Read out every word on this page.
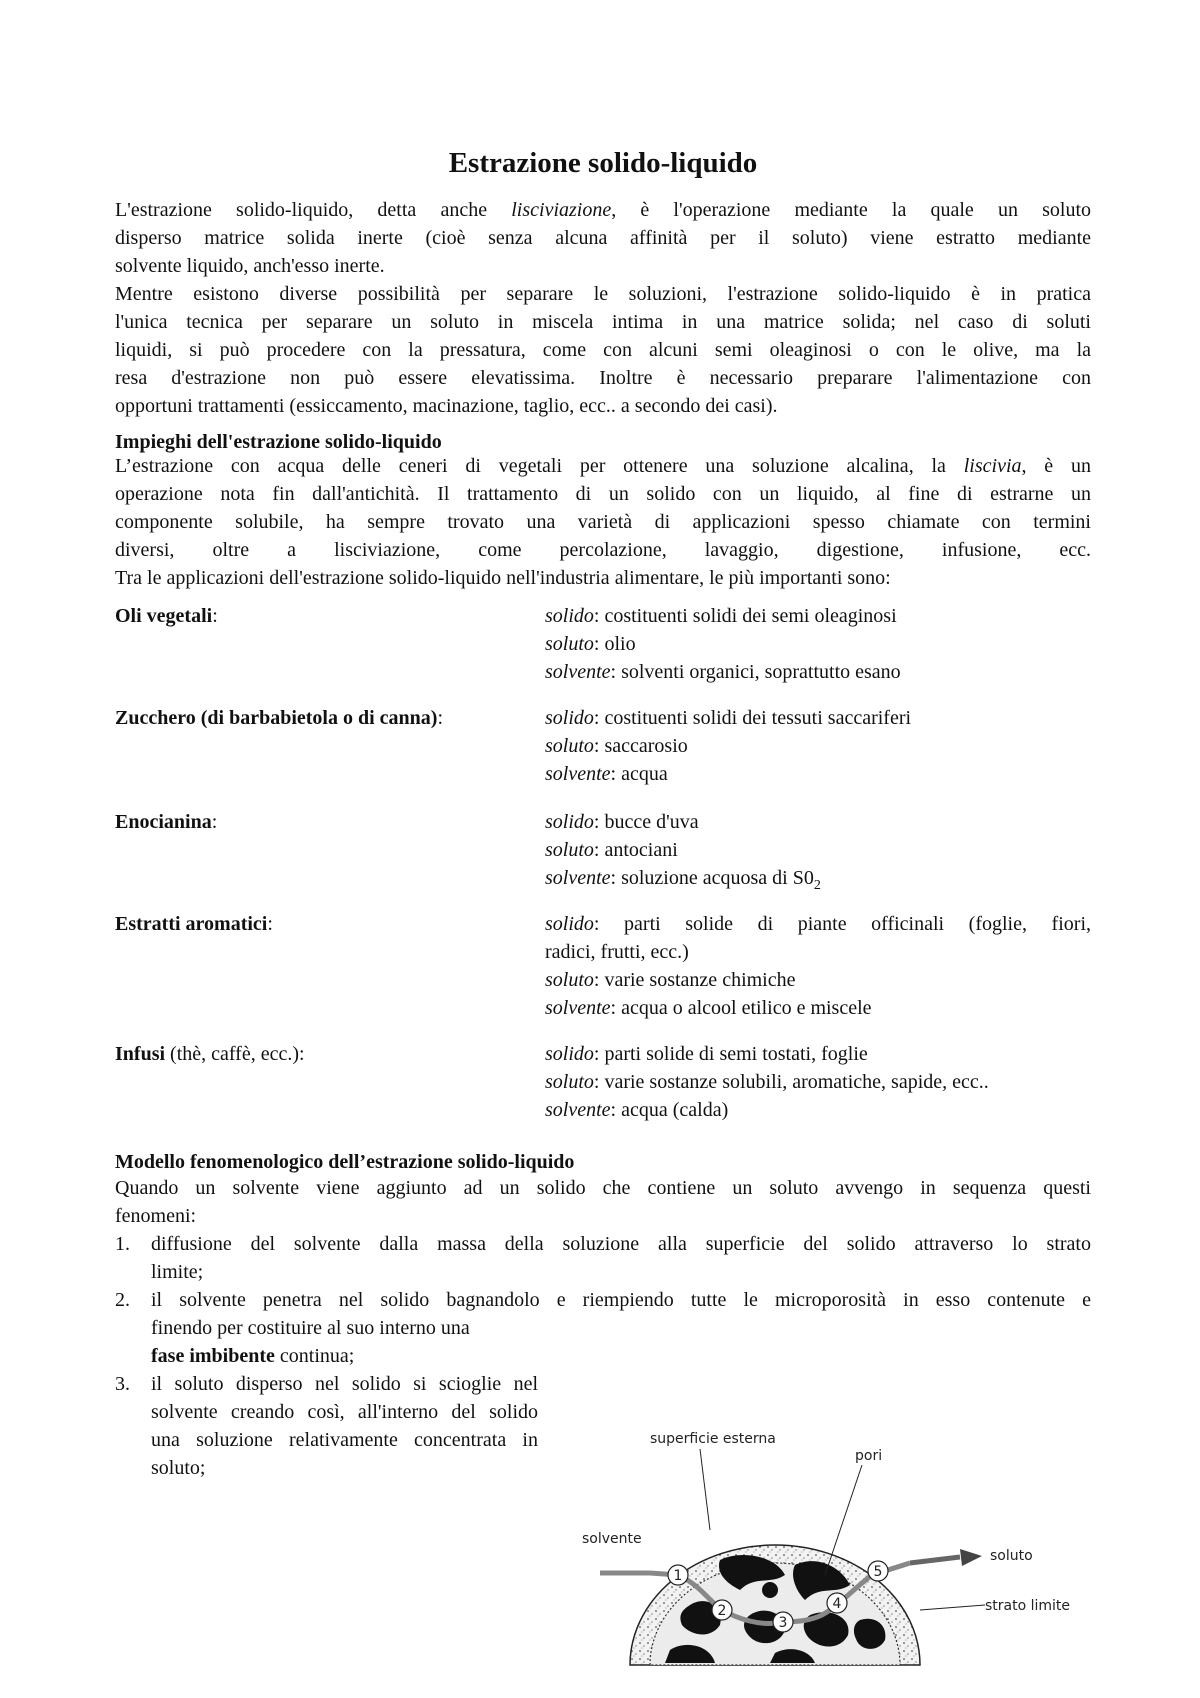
Estrazione solido-liquido
L'estrazione solido-liquido, detta anche lisciviazione, è l'operazione mediante la quale un soluto
disperso matrice solida inerte (cioè senza alcuna affinità per il soluto) viene estratto mediante
solvente liquido, anch'esso inerte.
Mentre esistono diverse possibilità per separare le soluzioni, l'estrazione solido-liquido è in pratica
l'unica tecnica per separare un soluto in miscela intima in una matrice solida; nel caso di soluti
liquidi, si può procedere con la pressatura, come con alcuni semi oleaginosi o con le olive, ma la
resa d'estrazione non può essere elevatissima. Inoltre è necessario preparare l'alimentazione con
opportuni trattamenti (essiccamento, macinazione, taglio, ecc.. a secondo dei casi).

Impieghi dell'estrazione solido-liquido

L’estrazione con acqua delle ceneri di vegetali per ottenere una soluzione alcalina, la liscivia, è un
operazione nota fin dall'antichità. Il trattamento di un solido con un liquido, al fine di estrarne un
componente solubile, ha sempre trovato una varietà di applicazioni spesso chiamate con termini
diversi, oltre a lisciviazione, come percolazione, lavaggio, digestione, infusione, ecc.
Tra le applicazioni dell'estrazione solido-liquido nell'industria alimentare, le più importanti sono:
Oli vegetali:	solido: costituenti solidi dei semi oleaginosi
soluto: olio
solvente: solventi organici, soprattutto esano
Zucchero (di barbabietola o di canna):	solido: costituenti solidi dei tessuti saccariferi
soluto: saccarosio
solvente: acqua
Enocianina:	solido: bucce d'uva
soluto: antociani
solvente: soluzione acquosa di $S0_2$
Estratti aromatici:	solido: parti solide di piante officinali (foglie, fiori,
radici, frutti, ecc.)
soluto: varie sostanze chimiche
solvente: acqua o alcool etilico e miscele
Infusi (thè, caffè, ecc.):	solido: parti solide di semi tostati, foglie
soluto: varie sostanze solubili, aromatiche, sapide, ecc..
solvente: acqua (calda)

Modello fenomenologico dell’estrazione solido-liquido

Quando un solvente viene aggiunto ad un solido che contiene un soluto avvengo in sequenza questi
fenomeni:
1. diffusione del solvente dalla massa della soluzione alla superficie del solido attraverso lo strato
limite;
2. il solvente penetra nel solido bagnandolo e riempiendo tutte le microporosità in esso contenute e
finendo per costituire al suo interno una
fase imbibente continua;
3. il soluto disperso nel solido si scioglie nel
solvente creando così, all'interno del solido
una soluzione relativamente concentrata in
soluto;
1
2
3
4
5
superficie esterna
pori
solvente
soluto
strato limite
